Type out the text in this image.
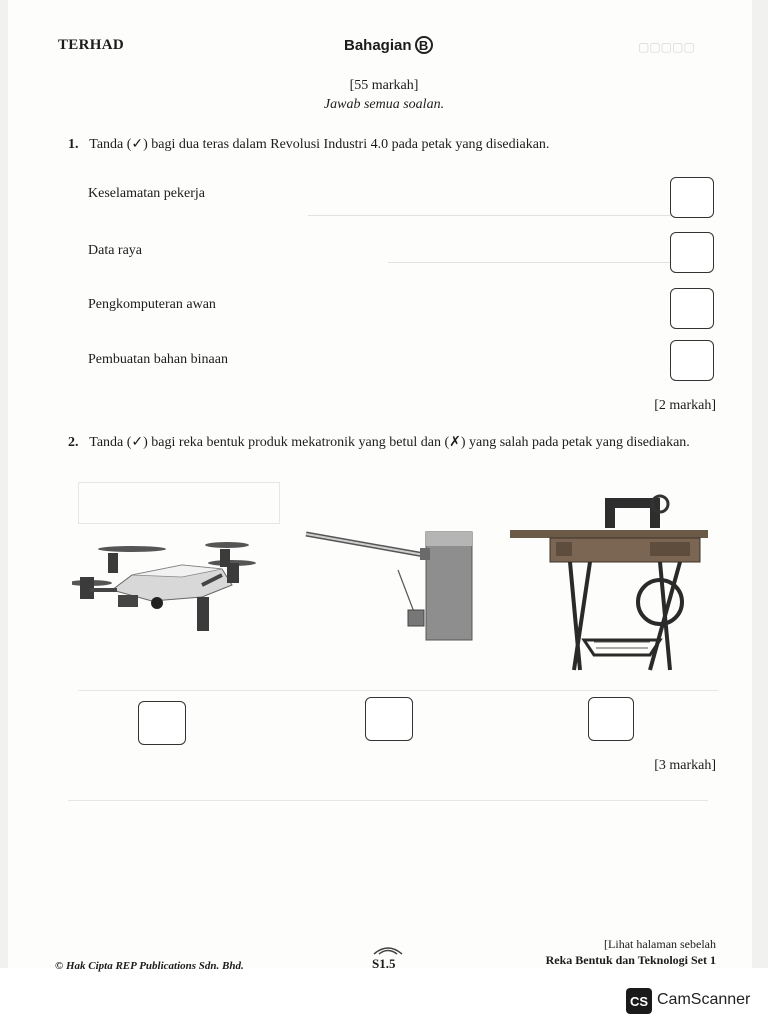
▢▢▢▢▢
TERHAD	Bahagian B
[55 markah]
Jawab semua soalan.
1. Tanda (✓) bagi dua teras dalam Revolusi Industri 4.0 pada petak yang disediakan.
Keselamatan pekerja
Data raya
Pengkomputeran awan
Pembuatan bahan binaan
[2 markah]
2. Tanda (✓) bagi reka bentuk produk mekatronik yang betul dan (✗) yang salah pada petak yang disediakan.
[3 markah]
© Hak Cipta REP Publications Sdn. Bhd.	S1.5
[Lihat halaman sebelah
Reka Bentuk dan Teknologi Set 1
CS CamScanner
